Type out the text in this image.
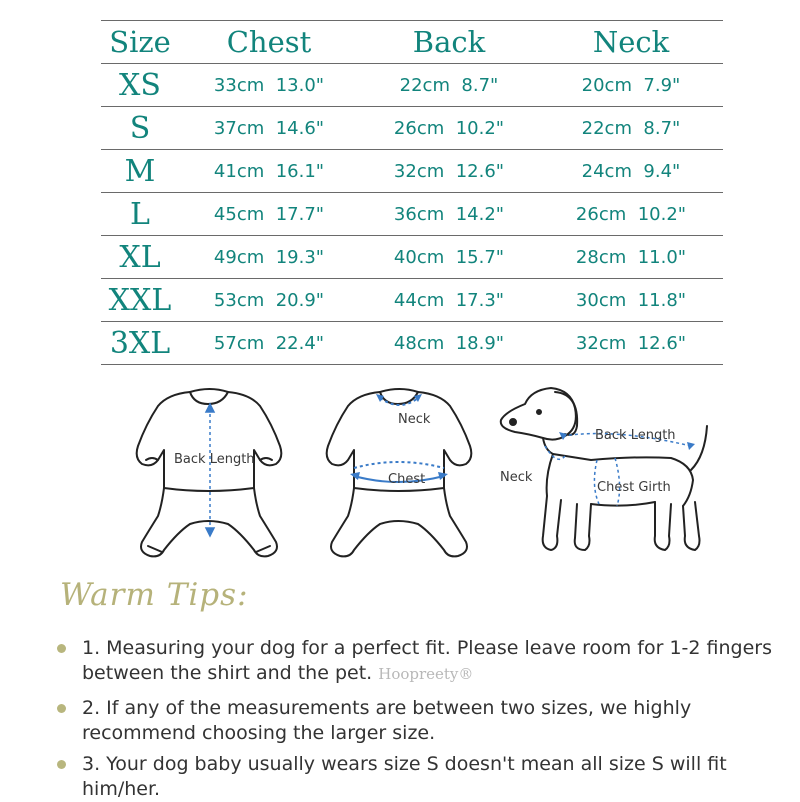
Size	Chest	Back	Neck
XS	33cm  13.0"	22cm  8.7"	20cm  7.9"
S	37cm  14.6"	26cm  10.2"	22cm  8.7"
M	41cm  16.1"	32cm  12.6"	24cm  9.4"
L	45cm  17.7"	36cm  14.2"	26cm  10.2"
XL	49cm  19.3"	40cm  15.7"	28cm  11.0"
XXL	53cm  20.9"	44cm  17.3"	30cm  11.8"
3XL	57cm  22.4"	48cm  18.9"	32cm  12.6"
Back Length
Neck
Chest
Back Length
Neck
Chest Girth
Warm Tips:
1. Measuring your dog for a perfect fit. Please leave room for 1-2 fingers between the shirt and the pet. Hoopreety®
2. If any of the measurements are between two sizes, we highly recommend choosing the larger size.
3. Your dog baby usually wears size S doesn't mean all size S will fit him/her.
